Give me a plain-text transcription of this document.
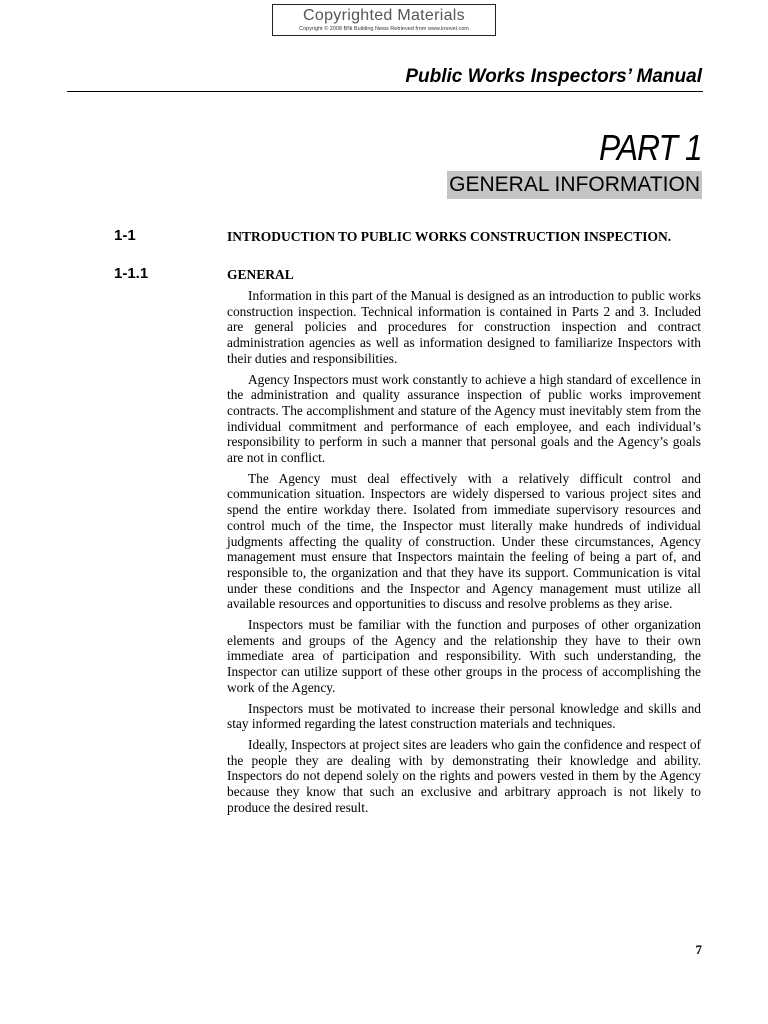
Copyrighted Materials
Copyright © 2008 BNi Building News Retrieved from www.knovel.com
Public Works Inspectors’ Manual
PART 1
GENERAL INFORMATION
1-1	INTRODUCTION TO PUBLIC WORKS CONSTRUCTION INSPECTION.
1-1.1	GENERAL

Information in this part of the Manual is designed as an introduction to public works construction inspection. Technical information is contained in Parts 2 and 3. Included are general policies and procedures for construction inspection and contract administration agencies as well as information designed to familiarize Inspectors with their duties and responsibilities.

Agency Inspectors must work constantly to achieve a high standard of excellence in the administration and quality assurance inspection of public works improvement contracts. The accomplishment and stature of the Agency must inevitably stem from the individual commitment and performance of each employee, and each individual’s responsibility to perform in such a manner that personal goals and the Agency’s goals are not in conflict.

The Agency must deal effectively with a relatively difficult control and communication situation. Inspectors are widely dispersed to various project sites and spend the entire workday there. Isolated from immediate supervisory resources and control much of the time, the Inspector must literally make hundreds of individual judgments affecting the quality of construction. Under these circumstances, Agency management must ensure that Inspectors maintain the feeling of being a part of, and responsible to, the organization and that they have its support. Communication is vital under these conditions and the Inspector and Agency management must utilize all available resources and opportunities to discuss and resolve problems as they arise.

Inspectors must be familiar with the function and purposes of other organization elements and groups of the Agency and the relationship they have to their own immediate area of participation and responsibility. With such understanding, the Inspector can utilize support of these other groups in the process of accomplishing the work of the Agency.

Inspectors must be motivated to increase their personal knowledge and skills and stay informed regarding the latest construction materials and techniques.

Ideally, Inspectors at project sites are leaders who gain the confidence and respect of the people they are dealing with by demonstrating their knowledge and ability. Inspectors do not depend solely on the rights and powers vested in them by the Agency because they know that such an exclusive and arbitrary approach is not likely to produce the desired result.

7
